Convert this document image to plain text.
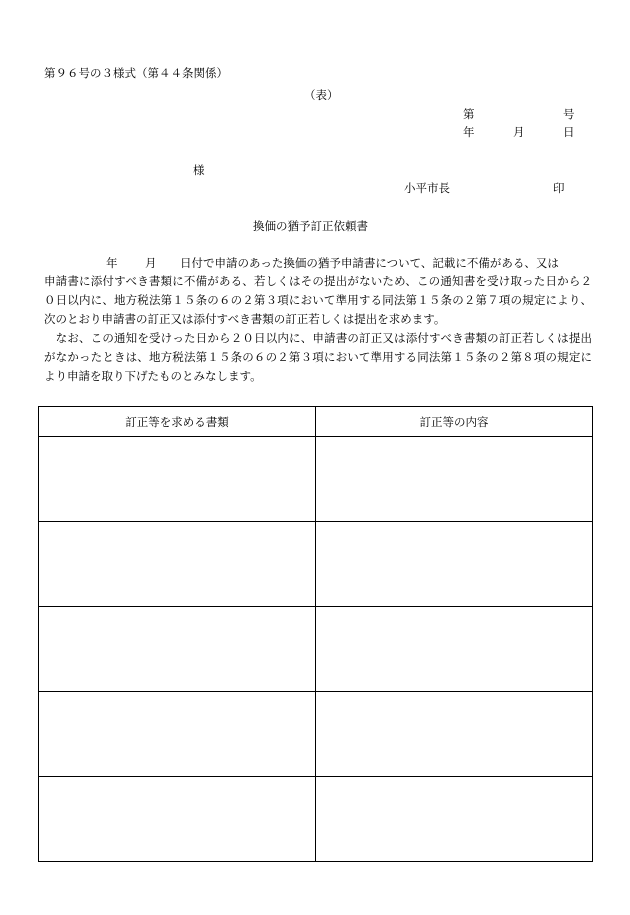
第９６号の３様式（第４４条関係）
（表）
第	号
年	月	日
様
小平市長	印
換価の猶予訂正依頼書
年 月 日付で申請のあった換価の猶予申請書について、記載に不備がある、又は
申請書に添付すべき書類に不備がある、若しくはその提出がないため、この通知書を受け取った日から２０日以内に、地方税法第１５条の６の２第３項において準用する同法第１５条の２第７項の規定により、次のとおり申請書の訂正又は添付すべき書類の訂正若しくは提出を求めます。
　なお、この通知を受けった日から２０日以内に、申請書の訂正又は添付すべき書類の訂正若しくは提出がなかったときは、地方税法第１５条の６の２第３項において準用する同法第１５条の２第８項の規定により申請を取り下げたものとみなします。
訂正等を求める書類	訂正等の内容
